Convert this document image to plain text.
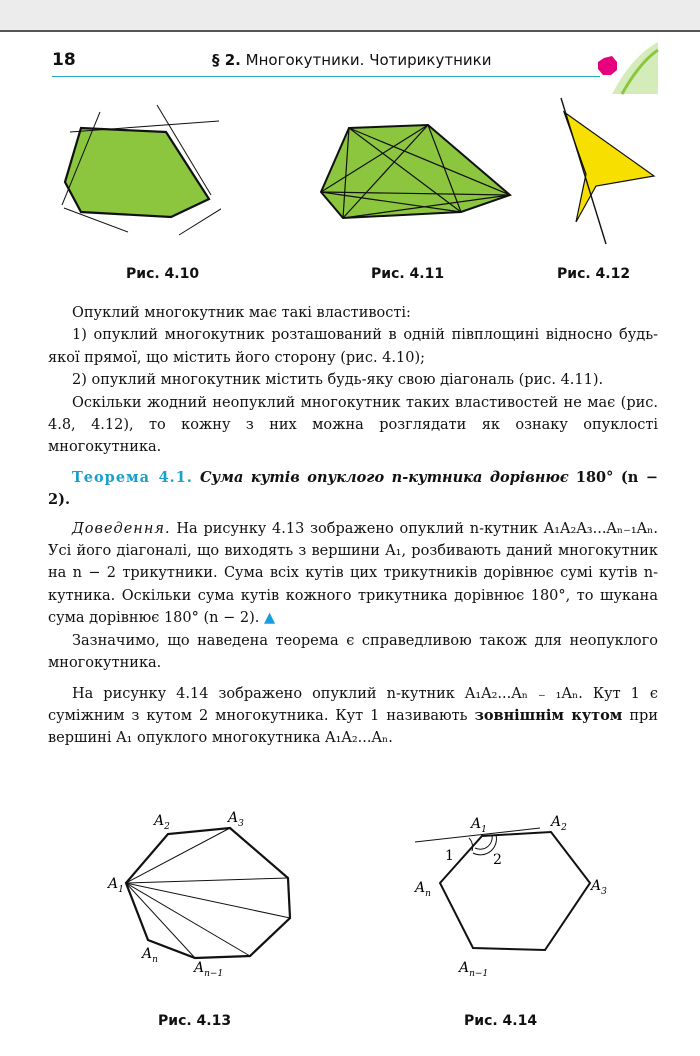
18	§ 2. Многокутники. Чотирикутники
Рис. 4.10	Рис. 4.11	Рис. 4.12

Опуклий многокутник має такі властивості:

1) опуклий многокутник розташований в одній півплощині відносно будь-якої прямої, що містить його сторону (рис. 4.10);

2) опуклий многокутник містить будь-яку свою діагональ (рис. 4.11).

Оскільки жодний неопуклий многокутник таких властивостей не має (рис. 4.8, 4.12), то кожну з них можна розглядати як ознаку опуклості многокутника.

Теорема 4.1. Сума кутів опуклого n-кутника дорівнює 180° (n − 2).

Доведення. На рисунку 4.13 зображено опуклий n-кутник A₁A₂A₃...Aₙ₋₁Aₙ. Усі його діагоналі, що виходять з вершини A₁, розбивають даний многокутник на n − 2 трикутники. Сума всіх кутів цих трикутників дорівнює сумі кутів n-кутника. Оскільки сума кутів кожного трикутника дорівнює 180°, то шукана сума дорівнює 180° (n − 2). ▲

Зазначимо, що наведена теорема є справедливою також для неопуклого многокутника.

На рисунку 4.14 зображено опуклий n-кутник A₁A₂...Aₙ ₋ ₁Aₙ. Кут 1 є суміжним з кутом 2 многокутника. Кут 1 називають зовнішнім кутом при вершині A₁ опуклого многокутника A₁A₂...Aₙ.

$A_1$
$A_2$
$A_3$
$A_n$	$A_{n-1}$
1	2
$A_1$	$A_2$
$A_3$
$A_n$
$A_{n-1}$
Рис. 4.13	Рис. 4.14
